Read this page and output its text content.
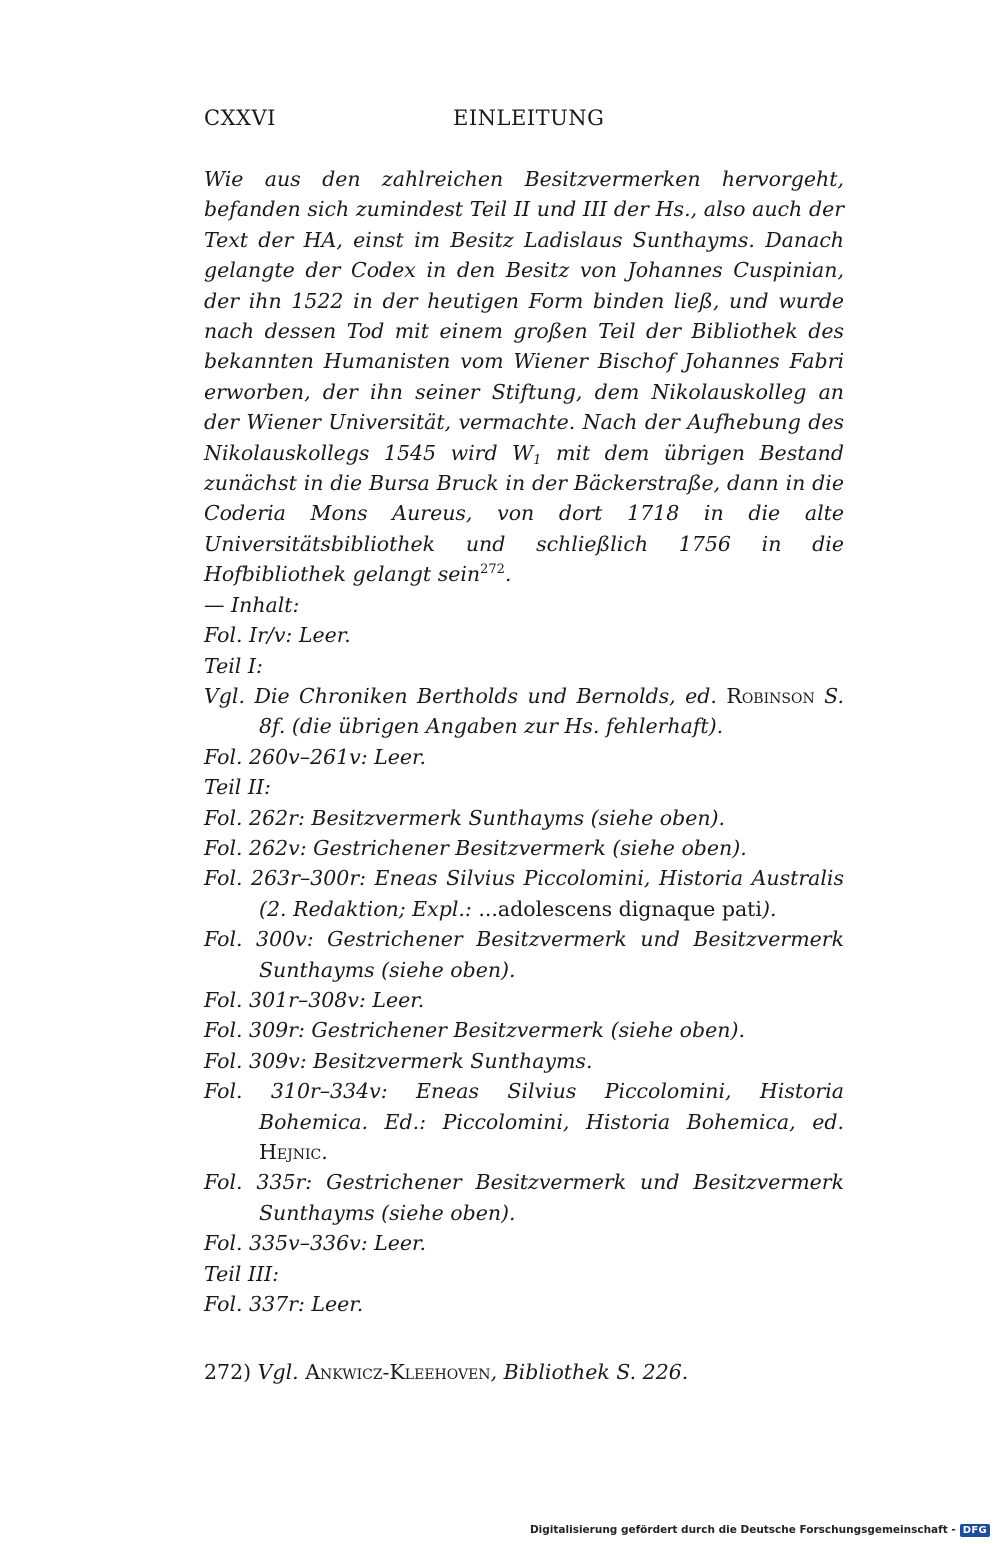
CXXVI	EINLEITUNG
Wie aus den zahlreichen Besitzvermerken hervorgeht, befanden sich zumindest Teil II und III der Hs., also auch der Text der HA, einst im Besitz Ladislaus Sunthayms. Danach gelangte der Codex in den Besitz von Johannes Cuspinian, der ihn 1522 in der heutigen Form binden ließ, und wurde nach dessen Tod mit einem großen Teil der Bibliothek des bekannten Humanisten vom Wiener Bischof Johannes Fabri erworben, der ihn seiner Stiftung, dem Nikolauskolleg an der Wiener Universität, vermachte. Nach der Aufhebung des Nikolauskollegs 1545 wird $W_1$ mit dem übrigen Bestand zunächst in die Bursa Bruck in der Bäckerstraße, dann in die Coderia Mons Aureus, von dort 1718 in die alte Universitätsbibliothek und schließlich 1756 in die Hofbibliothek gelangt sein$^{272}$.
— Inhalt:
Fol. Ir/v: Leer.
Teil I:
Vgl. Die Chroniken Bertholds und Bernolds, ed. Robinson S. 8f. (die übrigen Angaben zur Hs. fehlerhaft).
Fol. 260v–261v: Leer.
Teil II:
Fol. 262r: Besitzvermerk Sunthayms (siehe oben).
Fol. 262v: Gestrichener Besitzvermerk (siehe oben).
Fol. 263r–300r: Eneas Silvius Piccolomini, Historia Australis (2. Redaktion; Expl.: ...adolescens dignaque pati).
Fol. 300v: Gestrichener Besitzvermerk und Besitzvermerk Sunthayms (siehe oben).
Fol. 301r–308v: Leer.
Fol. 309r: Gestrichener Besitzvermerk (siehe oben).
Fol. 309v: Besitzvermerk Sunthayms.
Fol. 310r–334v: Eneas Silvius Piccolomini, Historia Bohemica. Ed.: Piccolomini, Historia Bohemica, ed. Hejnic.
Fol. 335r: Gestrichener Besitzvermerk und Besitzvermerk Sunthayms (siehe oben).
Fol. 335v–336v: Leer.
Teil III:
Fol. 337r: Leer.
272) Vgl. Ankwicz-Kleehoven, Bibliothek S. 226.
Digitalisierung gefördert durch die Deutsche Forschungsgemeinschaft - DFG
